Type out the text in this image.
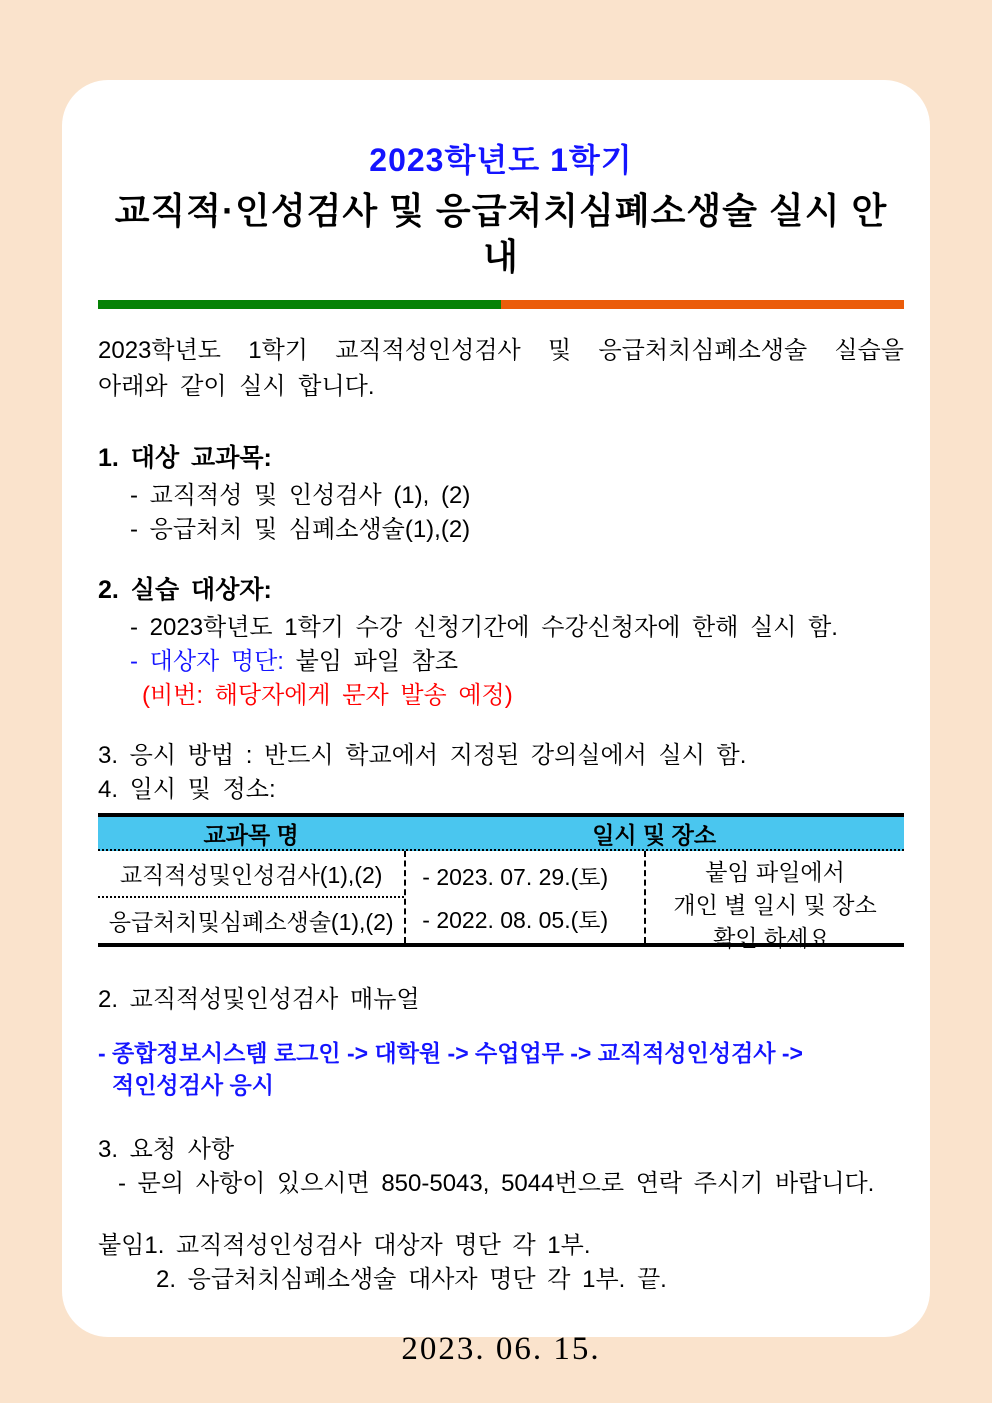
2023학년도 1학기
교직적·인성검사 및 응급처치심폐소생술 실시 안내
2023학년도 1학기 교직적성인성검사 및 응급처치심폐소생술 실습을
아래와 같이 실시 합니다.
1. 대상 교과목:
- 교직적성 및 인성검사 (1), (2)
- 응급처치 및 심폐소생술(1),(2)
2. 실습 대상자:
- 2023학년도 1학기 수강 신청기간에 수강신청자에 한해 실시 함.
- 대상자 명단: 붙임 파일 참조
(비번: 해당자에게 문자 발송 예정)
3. 응시 방법 : 반드시 학교에서 지정된 강의실에서 실시 함.
4. 일시 및 정소:
교과목 명	일시 및 장소
교직적성및인성검사(1),(2)
응급처치및심폐소생술(1),(2)
- 2023. 07. 29.(토)
- 2022. 08. 05.(토)
붙임 파일에서
개인 별 일시 및 장소
확인 하세요.
2. 교직적성및인성검사 매뉴얼
- 종합정보시스템 로그인 -> 대학원 -> 수업업무 -> 교직적성인성검사 ->
적인성검사 응시
3. 요청 사항
- 문의 사항이 있으시면 850-5043, 5044번으로 연락 주시기 바랍니다.
붙임1. 교직적성인성검사 대상자 명단 각 1부.
2. 응급처치심폐소생술 대사자 명단 각 1부. 끝.
2023. 06. 15.
